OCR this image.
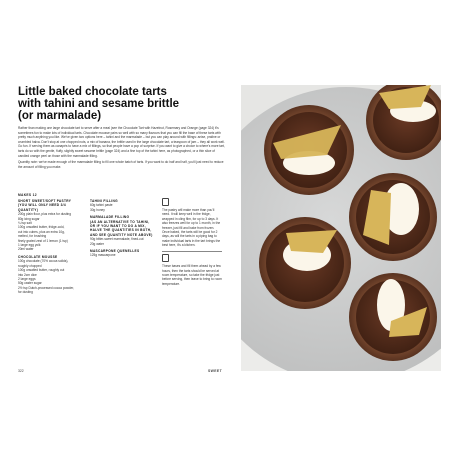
Little baked chocolate tarts
with tahini and sesame brittle
(or marmalade)

Rather than making one large chocolate tart to serve after a meal (see the Chocolate Tart with Hazelnut, Rosemary and Orange (page 324) it's sometimes fun to make lots of individual tarts. Chocolate mousse pairs so well with so many flavours that you can fill the base of these tarts with pretty much anything you like. We've given two options here – tahini and the marmalade – but you can play around with fillings: anise, praline or crumbled halva. Don't stop at one chopped nuts, a mix of banana, the brittle used in the large chocolate tart, a teaspoon of jam – they all work well. Go fun. If serving them as canapés to have a mix of fillings, so that people have a pop of surprise. If you want to give a choice to where's more tart, tarts do so with the gentle, fluffy, slightly sweet sesame brittle (page 324) and a fine top of the tahini here, as photographed, or a thin slice of candied orange peel on those with the marmalade filling.

Quantity note: we've made enough of the marmalade filling to fill one whole batch of tarts. If you want to do half and half, you'll just need to reduce the amount of filling you make.

MAKES 12
SHORT SWEET/SOFT PASTRY
(YOU WILL ONLY NEED 3/4 QUANTITY)
200g plain flour, plus extra for dusting
80g icing sugar
¼ tsp salt
100g unsalted butter, fridge-cold,
cut into cubes, plus an extra 10g,
melted, for brushing
finely grated zest of 1 lemon (1 tsp)
1 large egg yolk
20ml water
CHOCOLATE MOUSSE
100g chocolate (70% cocoa solids),
roughly chopped
100g unsalted butter, roughly cut
into 2cm dice
2 large eggs
50g caster sugar
2½ tsp Dutch-processed cocoa powder,
for dusting
TAHINI FILLING
60g tahini paste
30g honey
MARMALADE FILLING
(AS AN ALTERNATIVE TO TAHINI, OR IF YOU WANT TO DO A MIX, HALVE THE QUANTITIES IN BOTH, AND SEE QUANTITY NOTE ABOVE)
90g bitter-sweet marmalade, fined-cut
20g water
MASCARPONE QUENELLES
125g mascarpone
The pastry will make more than you'll need. It will keep well in the fridge, wrapped in cling film, for up to 3 days. It also freezes well for up to 1 month, in the freezer, just fill and bake from frozen. Once baked, the tarts will be good for 2 days, as will the tarts in a piping bag to make individual tarts in the tart brings the best here, it's a kitchen.
These bases and fill them ahead by a few hours, then the tarts should be served at room temperature, so take the fridge just before serving, then leave to bring to room temperature.
322	SWEET
